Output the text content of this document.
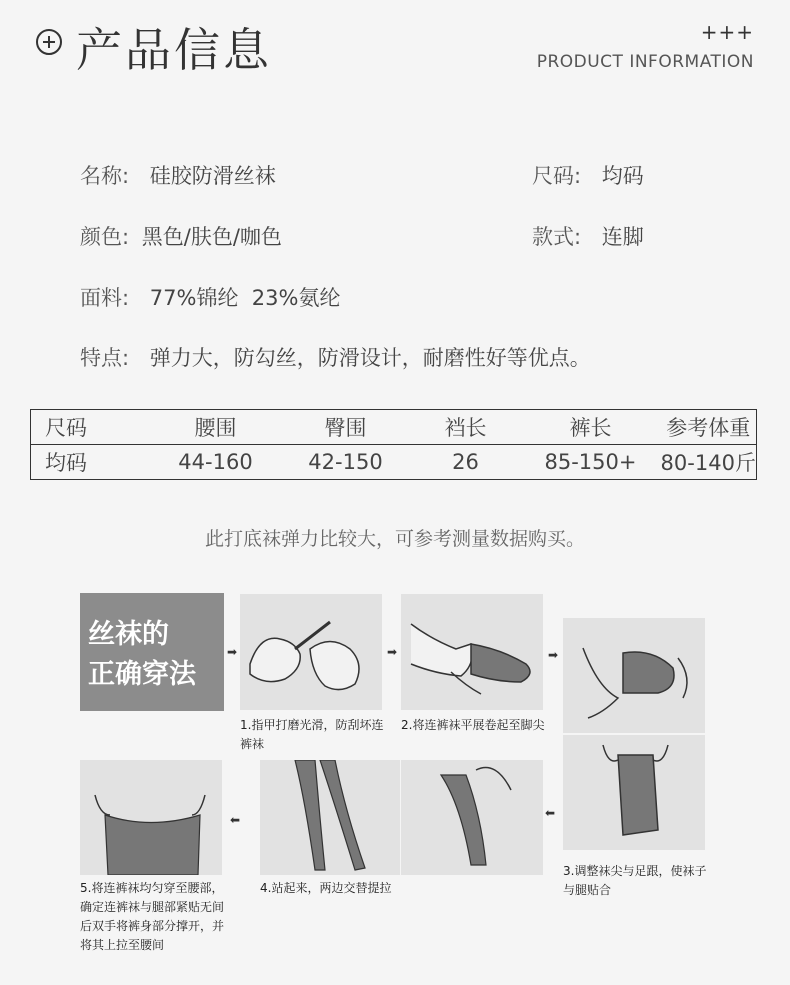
产品信息	+++
PRODUCT INFORMATION
名称: 硅胶防滑丝袜	尺码: 均码
颜色: 黑色/肤色/咖色	款式: 连脚
面料: 77%锦纶  23%氨纶
特点: 弹力大，防勾丝，防滑设计，耐磨性好等优点。
尺码	腰围	臀围	裆长	裤长	参考体重
均码	44-160	42-150	26	85-150+	80-140斤
此打底袜弹力比较大，可参考测量数据购买。
丝袜的
正确穿法
➡	➡	➡
3.调整袜尖与足跟，使袜子与腿贴合
⬅
4.站起来，两边交替提拉
⬅
5.将连裤袜均匀穿至腰部，确定连裤袜与腿部紧贴无间后双手将裤身部分撑开，并将其上拉至腰间
1.指甲打磨光滑，防刮坏连裤袜
2.将连裤袜平展卷起至脚尖
